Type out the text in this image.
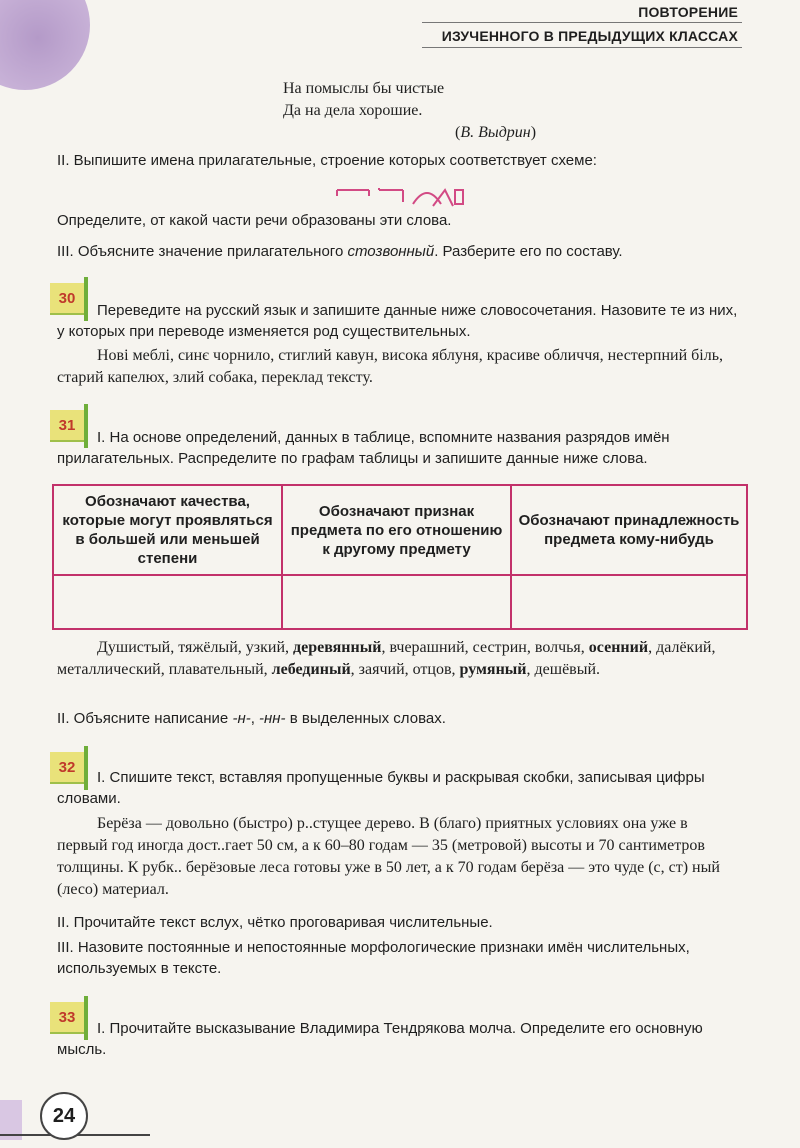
ПОВТОРЕНИЕ
ИЗУЧЕННОГО В ПРЕДЫДУЩИХ КЛАССАХ
На помыслы бы чистые
Да на дела хорошие.
(В. Выдрин)
II. Выпишите имена прилагательные, строение которых соответствует схеме:
Определите, от какой части речи образованы эти слова.
III. Объясните значение прилагательного стозвонный. Разберите его по составу.
30
Переведите на русский язык и запишите данные ниже словосочетания. Назовите те из них, у которых при переводе изменяется род существительных.
Нові меблі, синє чорнило, стиглий кавун, висока яблуня, красиве обличчя, нестерпний біль, старий капелюх, злий собака, переклад тексту.
31
I. На основе определений, данных в таблице, вспомните названия разрядов имён прилагательных. Распределите по графам таблицы и запишите данные ниже слова.
Обозначают качества, которые могут проявляться в большей или меньшей степени	Обозначают признак предмета по его отношению к другому предмету	Обозначают принадлежность предмета кому-нибудь

Душистый, тяжёлый, узкий, деревянный, вчерашний, сестрин, волчья, осенний, далёкий, металлический, плавательный, лебединый, заячий, отцов, румяный, дешёвый.
II. Объясните написание -н-, -нн- в выделенных словах.
32
I. Спишите текст, вставляя пропущенные буквы и раскрывая скобки, записывая цифры словами.
Берёза — довольно (быстро) р..стущее дерево. В (благо) приятных условиях она уже в первый год иногда дост..гает 50 см, а к 60–80 годам — 35 (метровой) высоты и 70 сантиметров толщины. К рубк.. берёзовые леса готовы уже в 50 лет, а к 70 годам берёза — это чуде (с, ст) ный (лесо) материал.
II. Прочитайте текст вслух, чётко проговаривая числительные.
III. Назовите постоянные и непостоянные морфологические признаки имён числительных, используемых в тексте.
33
I. Прочитайте высказывание Владимира Тендрякова молча. Определите его основную мысль.
24
